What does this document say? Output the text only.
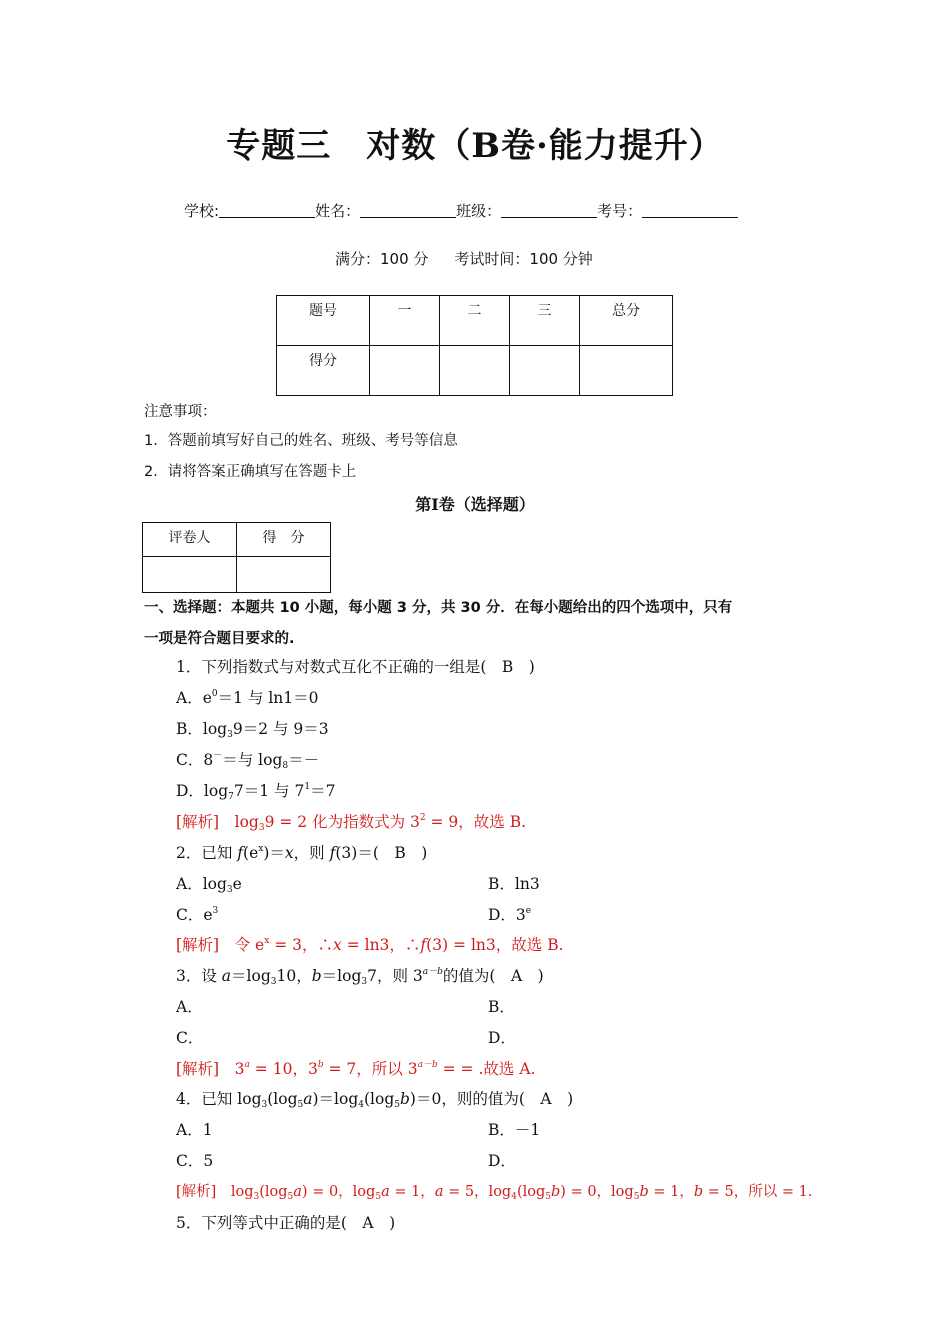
专题三　对数（B卷·能力提升）
学校:	姓名：	班级：	考号：
满分：100 分 考试时间：100 分钟
题号	一	二	三	总分
得分				
注意事项：
1．答题前填写好自己的姓名、班级、考号等信息
2．请将答案正确填写在答题卡上
第Ⅰ卷（选择题）
评卷人	得　分

一、选择题：本题共 10 小题，每小题 3 分，共 30 分．在每小题给出的四个选项中，只有
一项是符合题目要求的.
1．下列指数式与对数式互化不正确的一组是(　B　)
A．$e^0=1$ 与 ln1＝0
B．$\log_39=2$ 与 9＝3
C．8－＝与 $\log_8=-$
D．$\log_77=1$ 与 $7^1=7$
[解析]　 $\log_39 = 2$ 化为指数式为 $3^2 = 9$，故选 B.
2．已知 $f(e^x)=x$，则 f(3)＝(　B　)
A．$\log_3e$	B．ln3
C．$e^3$	D．3e
[解析]　 令 $e^x = 3$，∴x = ln3，∴f(3) = ln3，故选 B.
3．设 $a=\log_310$，$b=\log_37$，则 $3^{a-b}$的值为(　A　)
A．	B．
C．	D．
[解析]　 $3^a = 10$，$3^b = 7$，所以 $3^{a-b}$ = = .故选 A.
4．已知 $\log_3(\log_5a)=\log_4(\log_5b)=0$，则的值为(　A　)
A．1	B．－1
C．5	D．
[解析]　 $\log_3(\log_5a) = 0$，$\log_5a = 1$，a = 5，$\log_4(\log_5b) = 0$，$\log_5b = 1$，b = 5，所以 = 1.
5．下列等式中正确的是(　A　)
